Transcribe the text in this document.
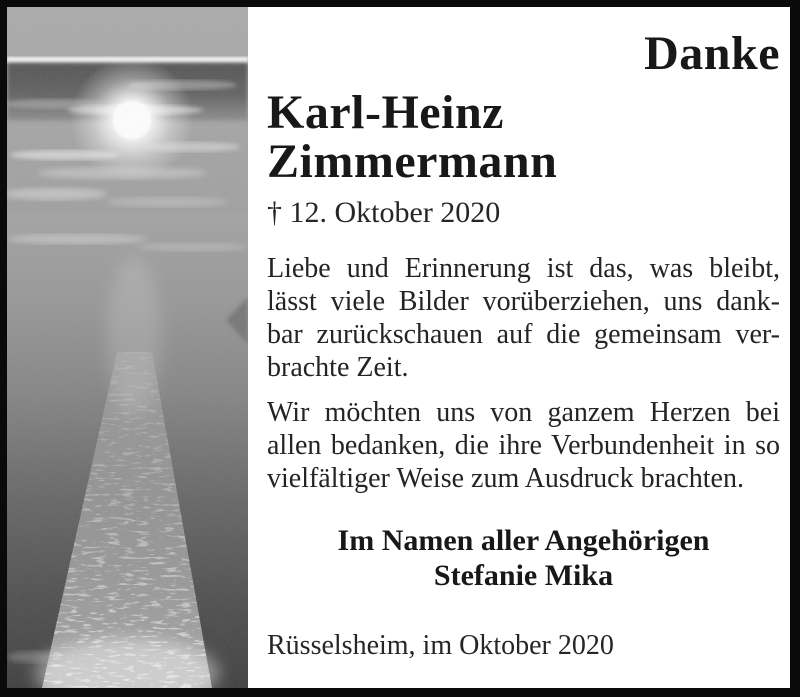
Danke
Karl-Heinz
Zimmermann
† 12. Oktober 2020
Liebe und Erinnerung ist das, was bleibt,
lässt viele Bilder vorüberziehen, uns dank-
bar zurückschauen auf die gemeinsam ver-
brachte Zeit.
Wir möchten uns von ganzem Herzen bei
allen bedanken, die ihre Verbundenheit in so
vielfältiger Weise zum Ausdruck brachten.
Im Namen aller Angehörigen
Stefanie Mika
Rüsselsheim, im Oktober 2020
